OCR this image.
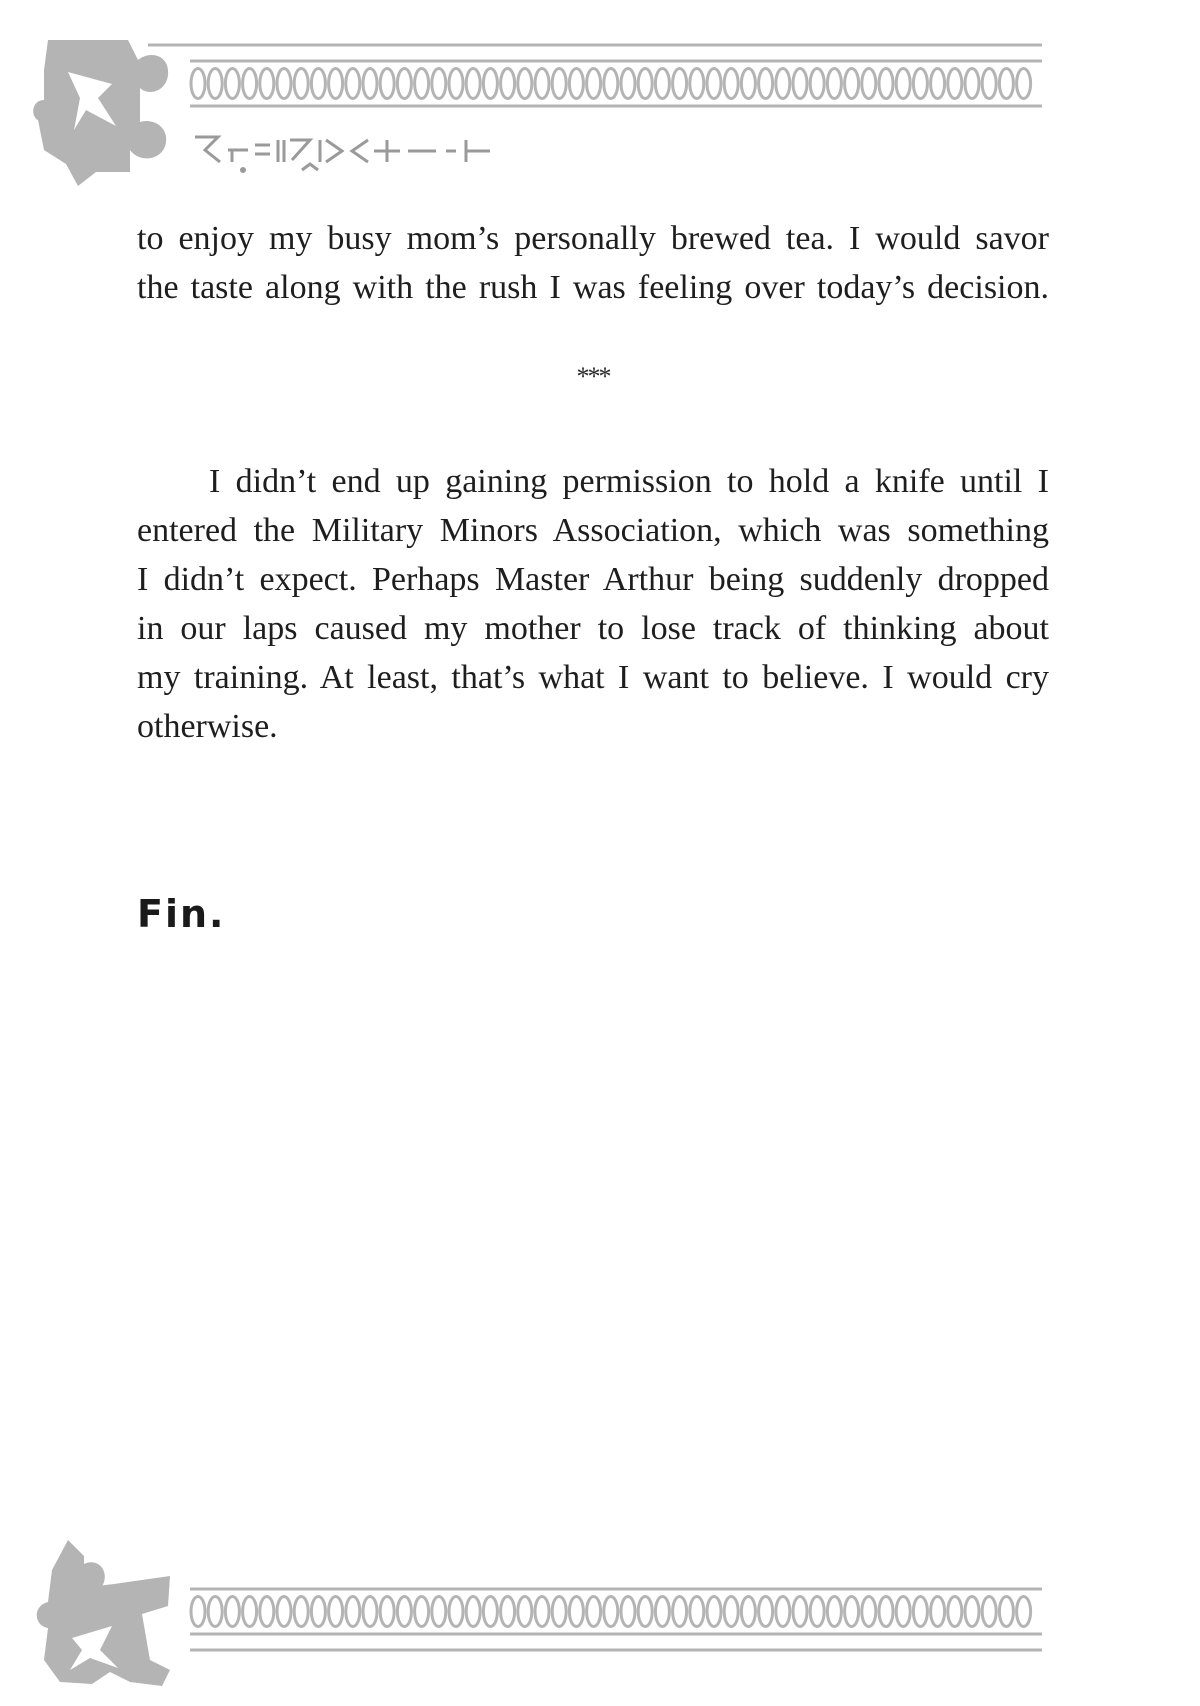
to enjoy my busy mom’s personally brewed tea. I would savor
the taste along with the rush I was feeling over today’s decision.
***
I didn’t end up gaining permission to hold a knife until I
entered the Military Minors Association, which was something
I didn’t expect. Perhaps Master Arthur being suddenly dropped
in our laps caused my mother to lose track of thinking about
my training. At least, that’s what I want to believe. I would cry
otherwise.
Fin.
